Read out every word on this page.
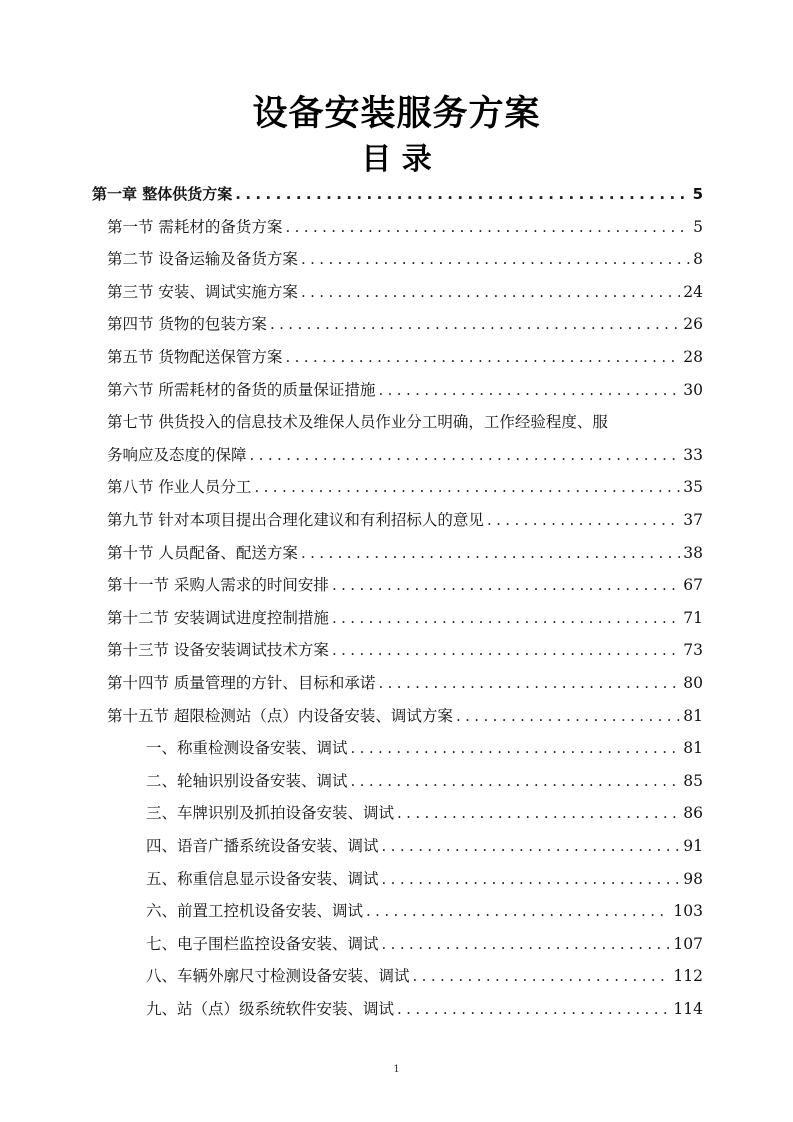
设备安装服务方案
目 录
第一章 整体供货方案 .....	5
第一节 需耗材的备货方案 .....	5
第二节 设备运输及备货方案 .....	8
第三节 安装、调试实施方案 .....	24
第四节 货物的包装方案 .....	26
第五节 货物配送保管方案 .....	28
第六节 所需耗材的备货的质量保证措施 .....	30
第七节 供货投入的信息技术及维保人员作业分工明确，工作经验程度、服
务响应及态度的保障 .....	33
第八节 作业人员分工 .....	35
第九节 针对本项目提出合理化建议和有利招标人的意见 .....	37
第十节 人员配备、配送方案 .....	38
第十一节 采购人需求的时间安排 .....	67
第十二节 安装调试进度控制措施 .....	71
第十三节 设备安装调试技术方案 .....	73
第十四节 质量管理的方针、目标和承诺 .....	80
第十五节 超限检测站（点）内设备安装、调试方案 .....	81
一、称重检测设备安装、调试 .....	81
二、轮轴识别设备安装、调试 .....	85
三、车牌识别及抓拍设备安装、调试 .....	86
四、语音广播系统设备安装、调试 .....	91
五、称重信息显示设备安装、调试 .....	98
六、前置工控机设备安装、调试 .....	103
七、电子围栏监控设备安装、调试 .....	107
八、车辆外廓尺寸检测设备安装、调试 .....	112
九、站（点）级系统软件安装、调试 .....	114
1
